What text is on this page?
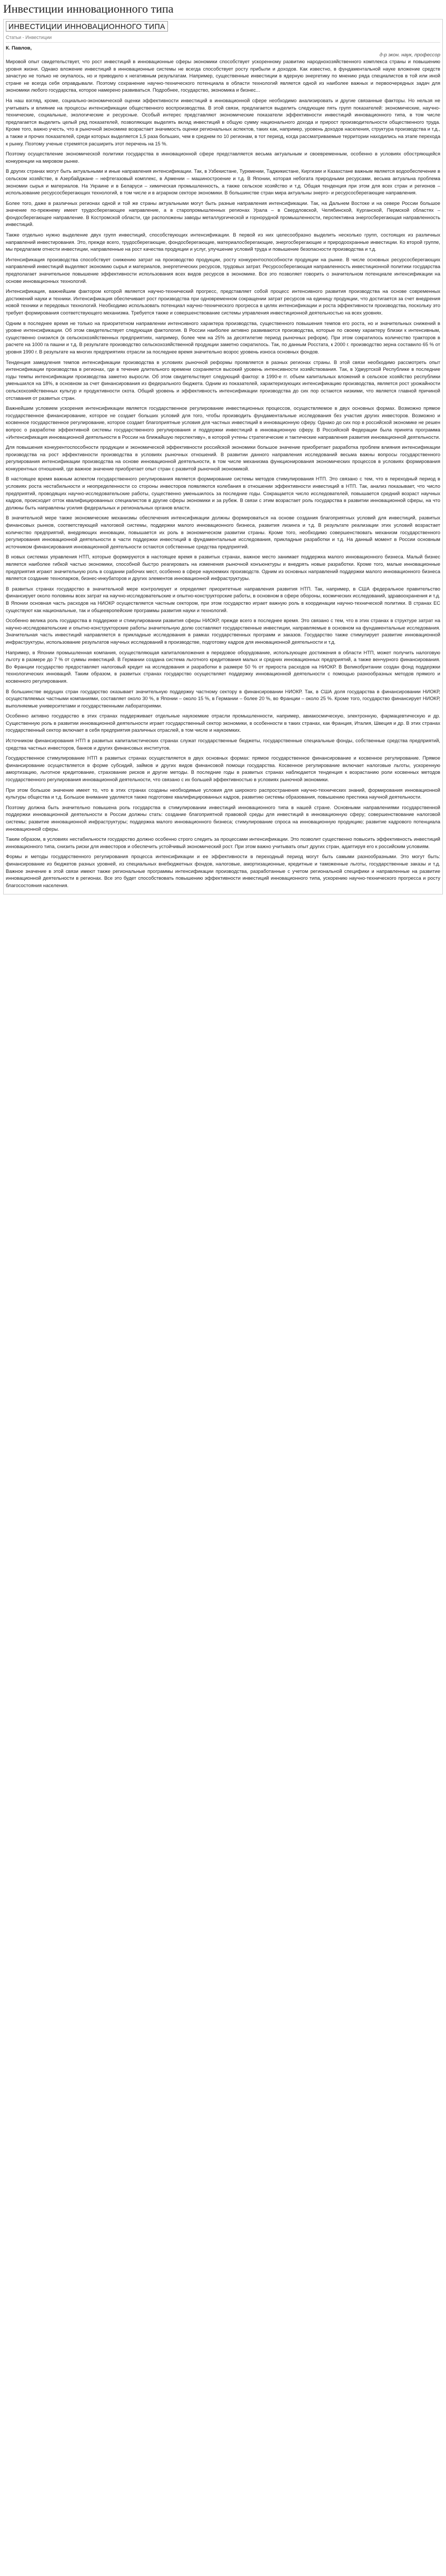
Инвестиции инновационного типа
ИНВЕСТИЦИИ ИННОВАЦИОННОГО ТИПА
Статьи - Инвестиции
К. Павлов,
д-р экон. наук, профессор

Мировой опыт свидетельствует, что рост инвестиций в инновационные сферы экономики способствует ускоренному развитию народнохозяйственного комплекса страны и повышению уровня жизни. Однако вложение инвестиций в инновационные системы не всегда способствует росту прибыли и доходов. Как известно, в фундаментальной науке вложение средств зачастую не только не окупалось, но и приводило к негативным результатам. Например, существенные инвестиции в ядерную энергетику по мнению ряда специалистов в той или иной стране не всегда себя оправдывали. Поэтому сохранение научно-технического потенциала в области технологий является одной из наиболее важных и первоочередных задач для экономики любого государства, которое намерено развиваться. Подробнее, государство, экономика и бизнес...

На наш взгляд, кроме, социально-экономической оценки эффективности инвестиций в инновационной сфере необходимо анализировать и другие связанные факторы. Но нельзя не учитывать и влияние на процессы интенсификации общественного воспроизводства. В этой связи, предлагается выделить следующие пять групп показателей: экономические, научно-технические, социальные, экологические и ресурсные. Особый интерес представляют экономические показатели эффективности инвестиций инновационного типа, в том числе предлагается выделить целый ряд показателей, позволяющих выделять вклад инвестиций в общую сумму национального дохода и прирост производительности общественного труда. Кроме того, важно учесть, что в рыночной экономике возрастает значимость оценки региональных аспектов, таких как, например, уровень доходов населения, структура производства и т.д., а также и прочих показателей, среди которых выделяется 1,5 раза больших, чем в среднем по 10 регионам, в тот период, когда рассматриваемые территории находились на этапе перехода к рынку. Поэтому ученые стремятся расширить этот перечень на 15 %.

Поэтому осуществление экономической политики государства в инновационной сфере представляется весьма актуальным и своевременным, особенно в условиях обостряющейся конкуренции на мировом рынке.

В других странах могут быть актуальными и иные направления интенсификации. Так, в Узбекистане, Туркмении, Таджикистане, Киргизии и Казахстане важным является водообеспечение в сельском хозяйстве, в Азербайджане – нефтегазовый комплекс, в Армении – машиностроение и т.д. В Японии, которая небогата природными ресурсами, весьма актуальна проблема экономии сырья и материалов. На Украине и в Беларуси – химическая промышленность, а также сельское хозяйство и т.д. Общая тенденция при этом для всех стран и регионов – использование ресурсосберегающих технологий, в том числе и в аграрном секторе экономики. В большинстве стран мира актуальны энерго- и ресурсосберегающие направления.

Более того, даже в различных регионах одной и той же страны актуальными могут быть разные направления интенсификации. Так, на Дальнем Востоке и на севере России большое значение по-прежнему имеет трудосберегающее направление, а в старопромышленных регионах Урала – в Свердловской, Челябинской, Курганской, Пермской областях – фондосберегающее направление. В Костромской области, где расположены заводы металлургической и горнорудной промышленности, перспективна энергосберегающая направленность инвестиций.

Также отдельно нужно выделение двух групп инвестиций, способствующих интенсификации. В первой из них целесообразно выделить несколько групп, состоящих из различных направлений инвестирования. Это, прежде всего, трудосберегающие, фондосберегающие, материалосберегающие, энергосберегающие и природоохранные инвестиции. Ко второй группе, мы предлагаем отнести инвестиции, направленные на рост качества продукции и услуг, улучшение условий труда и повышение безопасности производства и т.д.

Интенсификация производства способствует снижению затрат на производство продукции, росту конкурентоспособности продукции на рынке. В числе основных ресурсосберегающих направлений инвестиций выделяют экономию сырья и материалов, энергетических ресурсов, трудовых затрат. Ресурсосберегающая направленность инвестиционной политики государства предполагает значительное повышение эффективности использования всех видов ресурсов в экономике. Все это позволяет говорить о значительном потенциале интенсификации на основе инновационных технологий.

Интенсификация, важнейшим фактором которой является научно-технический прогресс, представляет собой процесс интенсивного развития производства на основе современных достижений науки и техники. Интенсификация обеспечивает рост производства при одновременном сокращении затрат ресурсов на единицу продукции, что достигается за счет внедрения новой техники и передовых технологий. Необходимо использовать потенциал научно-технического прогресса в целях интенсификации и роста эффективности производства, поскольку это требует формирования соответствующего механизма. Требуется также и совершенствование системы управления инвестиционной деятельностью на всех уровнях.

Одним в последнее время не только на приоритетном направлении интенсивного характера производства, существенного повышения темпов его роста, но и значительных снижений в уровне интенсификации. Об этом свидетельствует следующая фактология. В России наиболее активно развиваются производства, которые по своему характеру близки к интенсивным, существенно снизился (в сельскохозяйственных предприятиях, например, более чем на 25% за десятилетие период рыночных реформ). При этом сократилось количество тракторов в расчете на 1000 га пашни и т.д. В результате производство сельскохозяйственной продукции заметно сократилось. Так, по данным Росстата, к 2000 г. производство зерна составило 65 % от уровня 1990 г. В результате на многих предприятиях отрасли за последнее время значительно возрос уровень износа основных фондов.

Тенденция замедления темпов интенсификации производства в условиях рыночной реформы проявляется в разных регионах страны. В этой связи необходимо рассмотреть опыт интенсификации производства в регионах, где в течение длительного времени сохраняется высокий уровень интенсивности хозяйствования. Так, в Удмуртской Республике в последние годы темпы интенсификации производства заметно выросли. Об этом свидетельствует следующий фактор: в 1990-е гг. объем капитальных вложений в сельское хозяйство республики уменьшился на 18%, в основном за счет финансирования из федерального бюджета. Одним из показателей, характеризующих интенсификацию производства, является рост урожайности сельскохозяйственных культур и продуктивности скота. Общий уровень и эффективность интенсификации производства до сих пор остаются низкими, что является главной причиной отставания от развитых стран.

Важнейшим условием ускорения интенсификации является государственное регулирование инвестиционных процессов, осуществляемое в двух основных формах. Возможно прямое государственное финансирование, которое не создает больших условий для того, чтобы производить фундаментальные исследования без участия других инвесторов. Возможно и косвенное государственное регулирование, которое создает благоприятные условия для частных инвестиций в инновационную сферу. Однако до сих пор в российской экономике не решен вопрос о разработке эффективной системы государственного регулирования и поддержки инвестиций в инновационную сферу. В Российской Федерации была принята программа «Интенсификация инновационной деятельности в России на ближайшую перспективу», в которой учтены стратегические и тактические направления развития инновационной деятельности.

Для повышения конкурентоспособности продукции и экономической эффективности российской экономики большое значение приобретает разработка проблем влияния интенсификации производства на рост эффективности производства в условиях рыночных отношений. В развитии данного направления исследований весьма важны вопросы государственного регулирования интенсификации производства на основе инновационной деятельности, в том числе механизма функционирования экономических процессов в условиях формирования конкурентных отношений, где важное значение приобретает опыт стран с развитой рыночной экономикой.

В настоящее время важным аспектом государственного регулирования является формирование системы методов стимулирования НТП. Это связано с тем, что в переходный период в условиях роста нестабильности и неопределенности со стороны инвесторов появляются колебания в отношении эффективности инвестиций в НТП. Так, анализ показывает, что число предприятий, проводящих научно-исследовательские работы, существенно уменьшилось за последние годы. Сокращается число исследователей, повышается средний возраст научных кадров, происходит отток квалифицированных специалистов в другие сферы экономики и за рубеж. В связи с этим возрастает роль государства в развитии инновационной сферы, на что должны быть направлены усилия федеральных и региональных органов власти.

В значительной мере также экономические механизмы обеспечения интенсификации должны формироваться на основе создания благоприятных условий для инвестиций, развитых финансовых рынков, соответствующей налоговой системы, поддержки малого инновационного бизнеса, развития лизинга и т.д. В результате реализации этих условий возрастает количество предприятий, внедряющих инновации, повышается их роль в экономическом развитии страны. Кроме того, необходимо совершенствовать механизм государственного регулирования инновационной деятельности в части поддержки инвестиций в фундаментальные исследования, прикладные разработки и т.д. На данный момент в России основным источником финансирования инновационной деятельности остаются собственные средства предприятий.

В новых системах управления НТП, которые формируются в настоящее время в развитых странах, важное место занимает поддержка малого инновационного бизнеса. Малый бизнес является наиболее гибкой частью экономики, способной быстро реагировать на изменения рыночной конъюнктуры и внедрять новые разработки. Кроме того, малые инновационные предприятия играют значительную роль в создании рабочих мест, особенно в сфере наукоемких производств. Одним из основных направлений поддержки малого инновационного бизнеса является создание технопарков, бизнес-инкубаторов и других элементов инновационной инфраструктуры.

В развитых странах государство в значительной мере контролирует и определяет приоритетные направления развития НТП. Так, например, в США федеральное правительство финансирует около половины всех затрат на научно-исследовательские и опытно-конструкторские работы, в основном в сфере обороны, космических исследований, здравоохранения и т.д. В Японии основная часть расходов на НИОКР осуществляется частным сектором, при этом государство играет важную роль в координации научно-технической политики. В странах ЕС существуют как национальные, так и общеевропейские программы развития науки и технологий.

Особенно велика роль государства в поддержке и стимулировании развития сферы НИОКР, прежде всего в последнее время. Это связано с тем, что в этих странах в структуре затрат на научно-исследовательские и опытно-конструкторские работы значительную долю составляют государственные инвестиции, направляемые в основном на фундаментальные исследования. Значительная часть инвестиций направляется в прикладные исследования в рамках государственных программ и заказов. Государство также стимулирует развитие инновационной инфраструктуры, использование результатов научных исследований в производстве, подготовку кадров для инновационной деятельности и т.д.

Например, в Японии промышленная компания, осуществляющая капиталовложения в передовое оборудование, использующее достижения в области НТП, может получить налоговую льготу в размере до 7 % от суммы инвестиций. В Германии создана система льготного кредитования малых и средних инновационных предприятий, а также венчурного финансирования. Во Франции государство предоставляет налоговый кредит на исследования и разработки в размере 50 % от прироста расходов на НИОКР. В Великобритании создан фонд поддержки технологических инноваций. Таким образом, в развитых странах государство осуществляет поддержку инновационной деятельности с помощью разнообразных методов прямого и косвенного регулирования.

В большинстве ведущих стран государство оказывает значительную поддержку частному сектору в финансировании НИОКР. Так, в США доля государства в финансировании НИОКР, осуществляемых частными компаниями, составляет около 30 %, в Японии – около 15 %, в Германии – более 20 %, во Франции – около 25 %. Кроме того, государство финансирует НИОКР, выполняемые университетами и государственными лабораториями.

Особенно активно государство в этих странах поддерживает отдельные наукоемкие отрасли промышленности, например, авиакосмическую, электронную, фармацевтическую и др. Существенную роль в развитии инновационной деятельности играет государственный сектор экономики, в особенности в таких странах, как Франция, Италия, Швеция и др. В этих странах государственный сектор включает в себя предприятия различных отраслей, в том числе и наукоемких.

Источником финансирования НТП в развитых капиталистических странах служат государственные бюджеты, государственные специальные фонды, собственные средства предприятий, средства частных инвесторов, банков и других финансовых институтов.

Государственное стимулирование НТП в развитых странах осуществляется в двух основных формах: прямое государственное финансирование и косвенное регулирование. Прямое финансирование осуществляется в форме субсидий, займов и других видов финансовой помощи государства. Косвенное регулирование включает налоговые льготы, ускоренную амортизацию, льготное кредитование, страхование рисков и другие методы. В последние годы в развитых странах наблюдается тенденция к возрастанию роли косвенных методов государственного регулирования инновационной деятельности, что связано с их большей эффективностью в условиях рыночной экономики.

При этом большое значение имеет то, что в этих странах созданы необходимые условия для широкого распространения научно-технических знаний, формирования инновационной культуры общества и т.д. Большое внимание уделяется также подготовке квалифицированных кадров, развитию системы образования, повышению престижа научной деятельности.

Поэтому должна быть значительно повышена роль государства в стимулировании инвестиций инновационного типа в нашей стране. Основными направлениями государственной поддержки инновационной деятельности в России должны стать: создание благоприятной правовой среды для инвестиций в инновационную сферу; совершенствование налоговой системы; развитие инновационной инфраструктуры; поддержка малого инновационного бизнеса; стимулирование спроса на инновационную продукцию; развитие кадрового потенциала инновационной сферы.

Таким образом, в условиях нестабильности государство должно особенно строго следить за процессами интенсификации. Это позволит существенно повысить эффективность инвестиций инновационного типа, снизить риски для инвесторов и обеспечить устойчивый экономический рост. При этом важно учитывать опыт других стран, адаптируя его к российским условиям.

Формы и методы государственного регулирования процесса интенсификации и ее эффективности в переходный период могут быть самыми разнообразными. Это могут быть: финансирование из бюджетов разных уровней, из специальных внебюджетных фондов, налоговые, амортизационные, кредитные и таможенные льготы, государственные заказы и т.д. Важное значение в этой связи имеют также региональные программы интенсификации производства, разработанные с учетом региональной специфики и направленные на развитие инновационной деятельности в регионах. Все это будет способствовать повышению эффективности инвестиций инновационного типа, ускорению научно-технического прогресса и росту благосостояния населения.
